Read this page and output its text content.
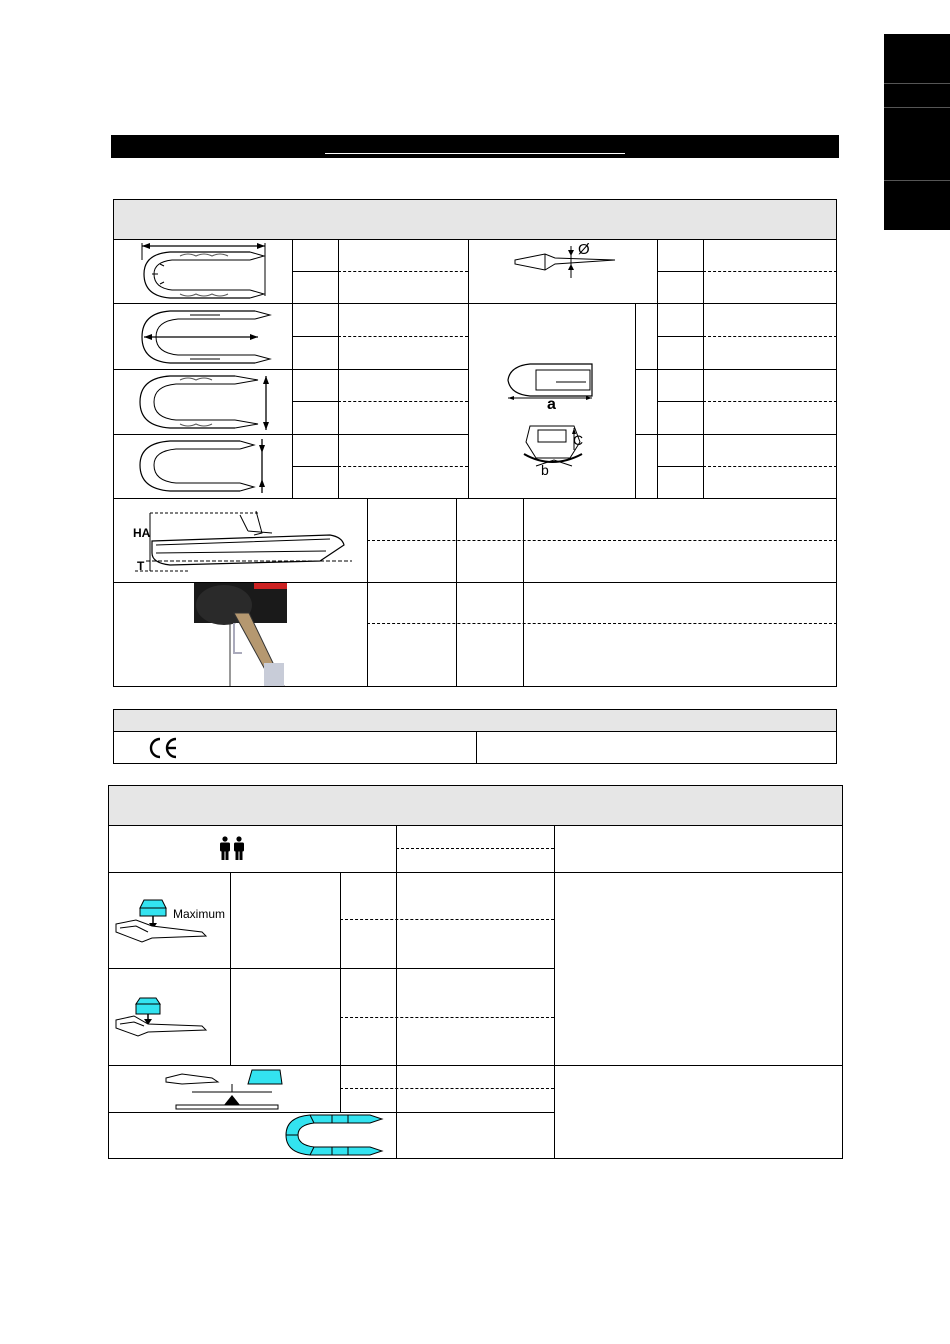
Ø
a
C
b
HA
T
Maximum
